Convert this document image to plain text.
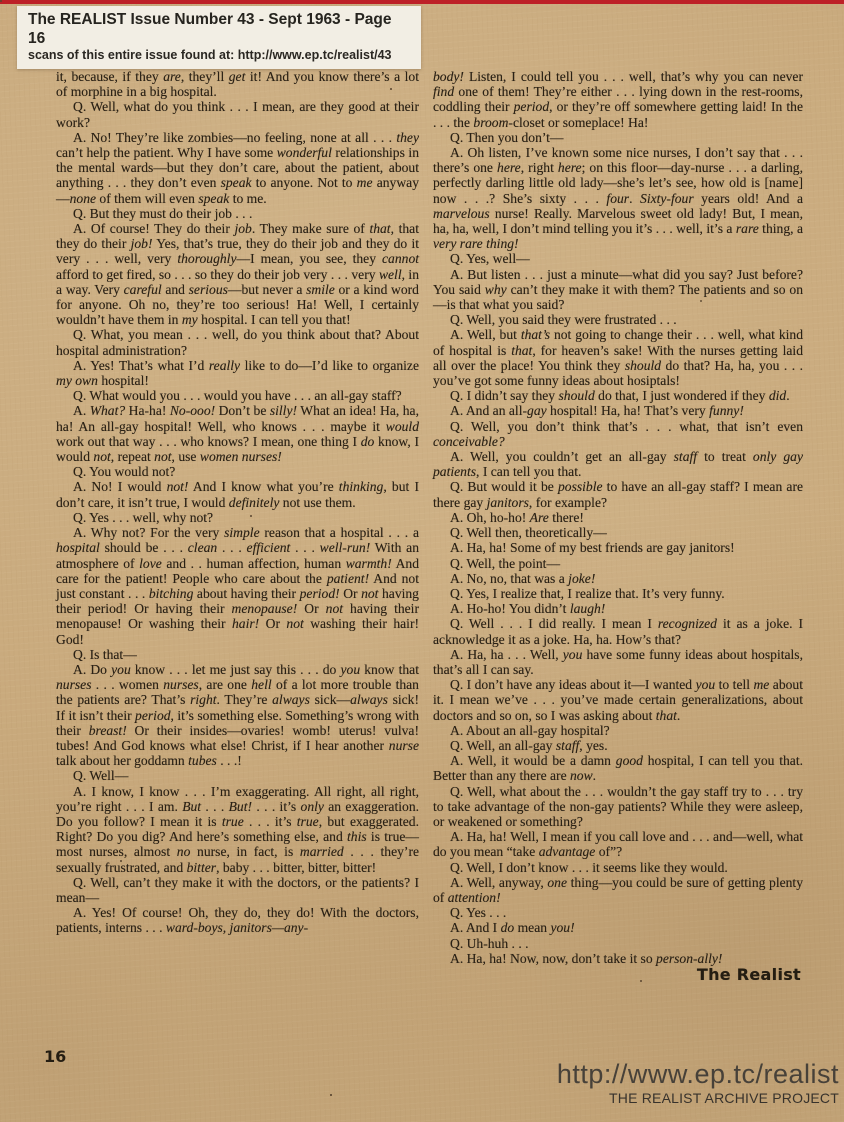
The REALIST Issue Number 43 - Sept 1963 - Page 16
scans of this entire issue found at: http://www.ep.tc/realist/43

it, because, if they are, they’ll get it! And you know there’s a lot of morphine in a big hospital.

Q. Well, what do you think . . . I mean, are they good at their work?

A. No! They’re like zombies—no feeling, none at all . . . they can’t help the patient. Why I have some wonderful relationships in the mental wards—but they don’t care, about the patient, about anything . . . they don’t even speak to anyone. Not to me anyway—none of them will even speak to me.

Q. But they must do their job . . .

A. Of course! They do their job. They make sure of that, that they do their job! Yes, that’s true, they do their job and they do it very . . . well, very thoroughly—I mean, you see, they cannot afford to get fired, so . . . so they do their job very . . . very well, in a way. Very careful and serious—but never a smile or a kind word for anyone. Oh no, they’re too serious! Ha! Well, I certainly wouldn’t have them in my hospital. I can tell you that!

Q. What, you mean . . . well, do you think about that? About hospital administration?

A. Yes! That’s what I’d really like to do—I’d like to organize my own hospital!

Q. What would you . . . would you have . . . an all-gay staff?

A. What? Ha-ha! No-ooo! Don’t be silly! What an idea! Ha, ha, ha! An all-gay hospital! Well, who knows . . . maybe it would work out that way . . . who knows? I mean, one thing I do know, I would not, repeat not, use women nurses!

Q. You would not?

A. No! I would not! And I know what you’re thinking, but I don’t care, it isn’t true, I would definitely not use them.

Q. Yes . . . well, why not?

A. Why not? For the very simple reason that a hospital . . . a hospital should be . . . clean . . . efficient . . . well-run! With an atmosphere of love and . . human affection, human warmth! And care for the patient! People who care about the patient! And not just constant . . . bitching about having their period! Or not having their period! Or having their menopause! Or not having their menopause! Or washing their hair! Or not washing their hair! God!

Q. Is that—

A. Do you know . . . let me just say this . . . do you know that nurses . . . women nurses, are one hell of a lot more trouble than the patients are? That’s right. They’re always sick—always sick! If it isn’t their period, it’s something else. Something’s wrong with their breast! Or their insides—ovaries! womb! uterus! vulva! tubes! And God knows what else! Christ, if I hear another nurse talk about her goddamn tubes . . .!

Q. Well—

A. I know, I know . . . I’m exaggerating. All right, all right, you’re right . . . I am. But . . . But! . . . it’s only an exaggeration. Do you follow? I mean it is true . . . it’s true, but exaggerated. Right? Do you dig? And here’s something else, and this is true—most nurses, almost no nurse, in fact, is married . . . they’re sexually frustrated, and bitter, baby . . . bitter, bitter, bitter!

Q. Well, can’t they make it with the doctors, or the patients? I mean—

A. Yes! Of course! Oh, they do, they do! With the doctors, patients, interns . . . ward-boys, janitors—any-

body! Listen, I could tell you . . . well, that’s why you can never find one of them! They’re either . . . lying down in the rest-rooms, coddling their period, or they’re off somewhere getting laid! In the . . . the broom-closet or someplace! Ha!

Q. Then you don’t—

A. Oh listen, I’ve known some nice nurses, I don’t say that . . . there’s one here, right here; on this floor—day-nurse . . . a darling, perfectly darling little old lady—she’s let’s see, how old is [name] now . . .? She’s sixty . . . four. Sixty-four years old! And a marvelous nurse! Really. Marvelous sweet old lady! But, I mean, ha, ha, well, I don’t mind telling you it’s . . . well, it’s a rare thing, a very rare thing!

Q. Yes, well—

A. But listen . . . just a minute—what did you say? Just before? You said why can’t they make it with them? The patients and so on—is that what you said?

Q. Well, you said they were frustrated . . .

A. Well, but that’s not going to change their . . . well, what kind of hospital is that, for heaven’s sake! With the nurses getting laid all over the place! You think they should do that? Ha, ha, you . . . you’ve got some funny ideas about hosiptals!

Q. I didn’t say they should do that, I just wondered if they did.

A. And an all-gay hospital! Ha, ha! That’s very funny!

Q. Well, you don’t think that’s . . . what, that isn’t even conceivable?

A. Well, you couldn’t get an all-gay staff to treat only gay patients, I can tell you that.

Q. But would it be possible to have an all-gay staff? I mean are there gay janitors, for example?

A. Oh, ho-ho! Are there!

Q. Well then, theoretically—

A. Ha, ha! Some of my best friends are gay janitors!

Q. Well, the point—

A. No, no, that was a joke!

Q. Yes, I realize that, I realize that. It’s very funny.

A. Ho-ho! You didn’t laugh!

Q. Well . . . I did really. I mean I recognized it as a joke. I acknowledge it as a joke. Ha, ha. How’s that?

A. Ha, ha . . . Well, you have some funny ideas about hospitals, that’s all I can say.

Q. I don’t have any ideas about it—I wanted you to tell me about it. I mean we’ve . . . you’ve made certain generalizations, about doctors and so on, so I was asking about that.

A. About an all-gay hospital?

Q. Well, an all-gay staff, yes.

A. Well, it would be a damn good hospital, I can tell you that. Better than any there are now.

Q. Well, what about the . . . wouldn’t the gay staff try to . . . try to take advantage of the non-gay patients? While they were asleep, or weakened or something?

A. Ha, ha! Well, I mean if you call love and . . . and—well, what do you mean “take advantage of”?

Q. Well, I don’t know . . . it seems like they would.

A. Well, anyway, one thing—you could be sure of getting plenty of attention!

Q. Yes . . .

A. And I do mean you!

Q. Uh-huh . . .

A. Ha, ha! Now, now, don’t take it so person-ally!

The Realist

16
http://www.ep.tc/realist
THE REALIST ARCHIVE PROJECT
